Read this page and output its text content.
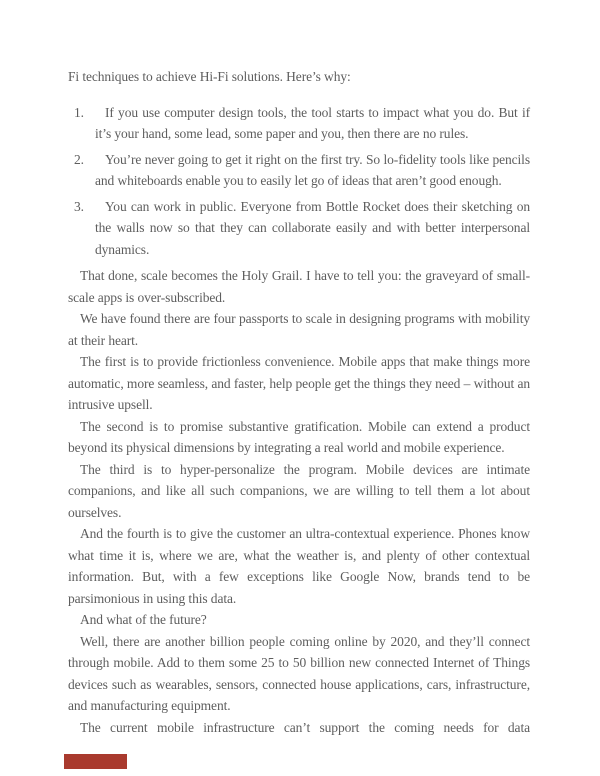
Fi techniques to achieve Hi-Fi solutions. Here’s why:

1.	If you use computer design tools, the tool starts to impact what you do. But if it’s your hand, some lead, some paper and you, then there are no rules.
2.	You’re never going to get it right on the first try. So lo-fidelity tools like pencils and whiteboards enable you to easily let go of ideas that aren’t good enough.
3.	You can work in public. Everyone from Bottle Rocket does their sketching on the walls now so that they can collaborate easily and with better interpersonal dynamics.

That done, scale becomes the Holy Grail. I have to tell you: the graveyard of small-scale apps is over-subscribed.

We have found there are four passports to scale in designing programs with mobility at their heart.

The first is to provide frictionless convenience. Mobile apps that make things more automatic, more seamless, and faster, help people get the things they need – without an intrusive upsell.

The second is to promise substantive gratification. Mobile can extend a product beyond its physical dimensions by integrating a real world and mobile experience.

The third is to hyper-personalize the program. Mobile devices are intimate companions, and like all such companions, we are willing to tell them a lot about ourselves.

And the fourth is to give the customer an ultra-contextual experience. Phones know what time it is, where we are, what the weather is, and plenty of other contextual information. But, with a few exceptions like Google Now, brands tend to be parsimonious in using this data.

And what of the future?

Well, there are another billion people coming online by 2020, and they’ll connect through mobile. Add to them some 25 to 50 billion new connected Internet of Things devices such as wearables, sensors, connected house applications, cars, infrastructure, and manufacturing equipment.

The current mobile infrastructure can’t support the coming needs for data
